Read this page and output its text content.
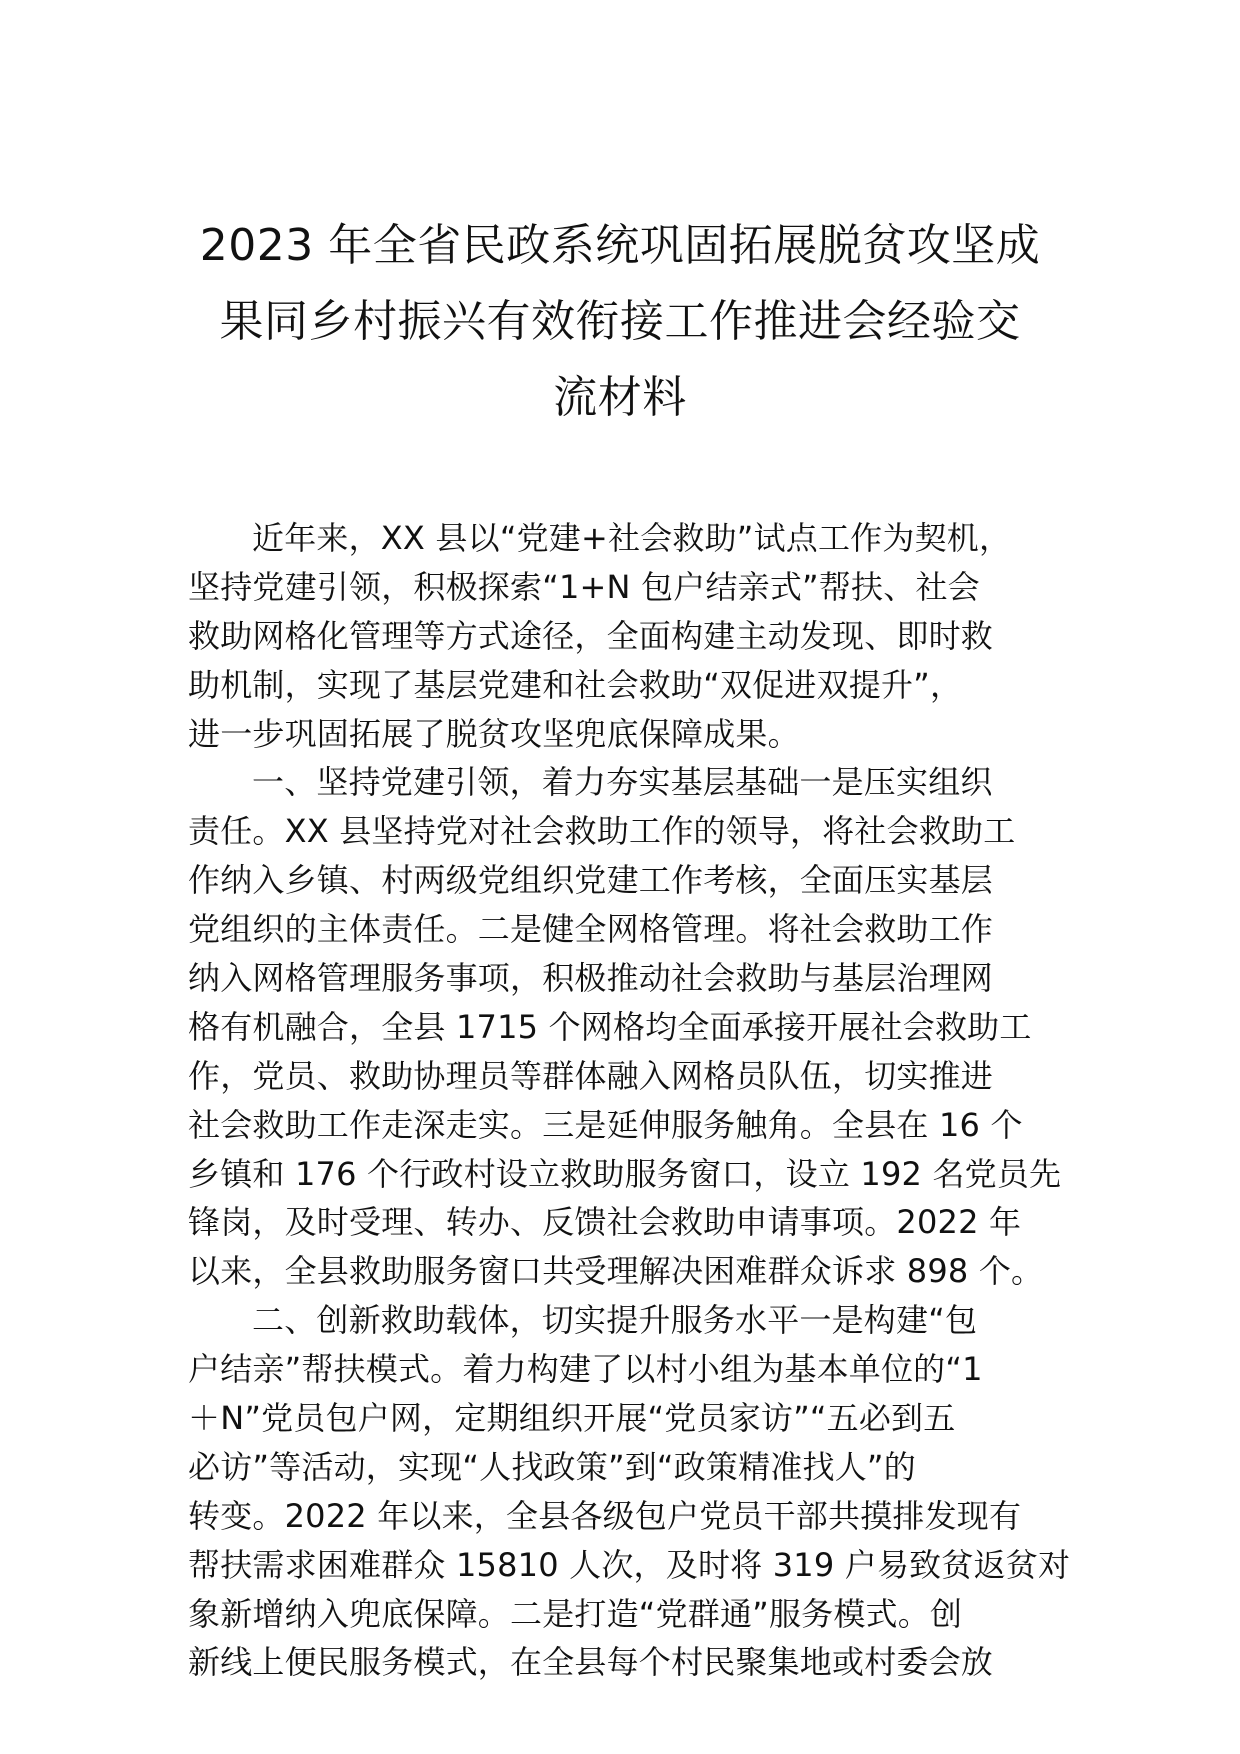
2023 年全省民政系统巩固拓展脱贫攻坚成
果同乡村振兴有效衔接工作推进会经验交
流材料
近年来，XX 县以“党建+社会救助”试点工作为契机，
坚持党建引领，积极探索“1+N 包户结亲式”帮扶、社会
救助网格化管理等方式途径，全面构建主动发现、即时救
助机制，实现了基层党建和社会救助“双促进双提升”，
进一步巩固拓展了脱贫攻坚兜底保障成果。
一、坚持党建引领，着力夯实基层基础一是压实组织
责任。XX 县坚持党对社会救助工作的领导，将社会救助工
作纳入乡镇、村两级党组织党建工作考核，全面压实基层
党组织的主体责任。二是健全网格管理。将社会救助工作
纳入网格管理服务事项，积极推动社会救助与基层治理网
格有机融合，全县 1715 个网格均全面承接开展社会救助工
作，党员、救助协理员等群体融入网格员队伍，切实推进
社会救助工作走深走实。三是延伸服务触角。全县在 16 个
乡镇和 176 个行政村设立救助服务窗口，设立 192 名党员先
锋岗，及时受理、转办、反馈社会救助申请事项。2022 年
以来，全县救助服务窗口共受理解决困难群众诉求 898 个。
二、创新救助载体，切实提升服务水平一是构建“包
户结亲”帮扶模式。着力构建了以村小组为基本单位的“1
＋N”党员包户网，定期组织开展“党员家访”“五必到五
必访”等活动，实现“人找政策”到“政策精准找人”的
转变。2022 年以来，全县各级包户党员干部共摸排发现有
帮扶需求困难群众 15810 人次，及时将 319 户易致贫返贫对
象新增纳入兜底保障。二是打造“党群通”服务模式。创
新线上便民服务模式，在全县每个村民聚集地或村委会放
